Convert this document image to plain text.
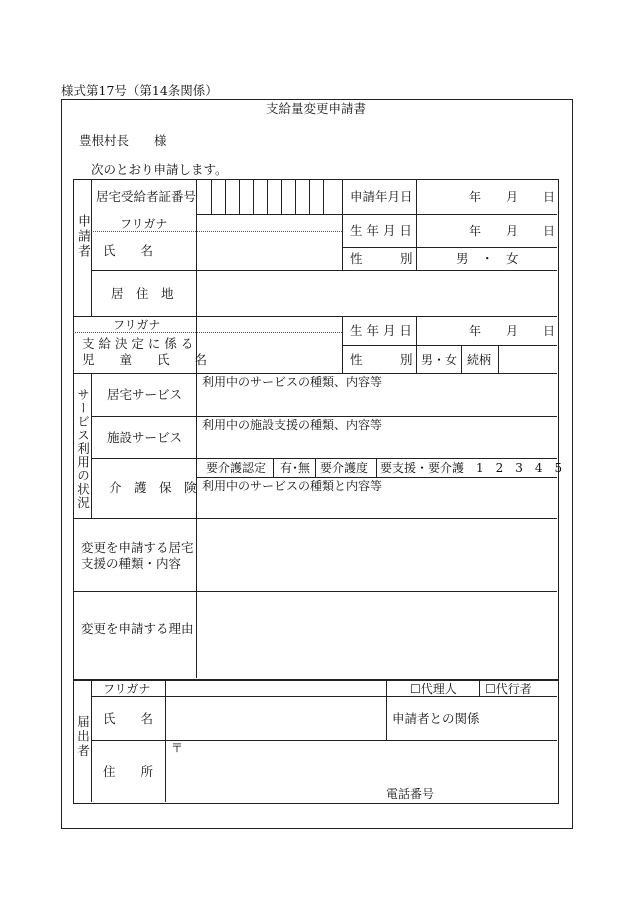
様式第17号（第14条関係）
支給量変更申請書
豊根村長　　様
次のとおり申請します。
申請者
居宅受給者証番号	申請年月日	年 月 日
フリガナ
氏　　名
生 年 月 日	年 月 日
性　　　別	男　・　女
居　住　地
フリガナ
支 給 決 定 に 係 る
児　　童　　氏　　名
生 年 月 日	年 月 日
性　　　別 男・女 続柄
サービス利用の状況 居宅サービス
利用中のサービスの種類、内容等
施設サービス
利用中の施設支援の種類、内容等
介　護　保　険
要介護認定 有･無 要介護度 要支援・要介護　1　2　3　4　5
利用中のサービスの種類と内容等
変更を申請する居宅
支援の種類・内容
変更を申請する理由
届出者
フリガナ	☐代理人 ☐代行者
氏　　名	申請者との関係
住　　所
〒
電話番号
